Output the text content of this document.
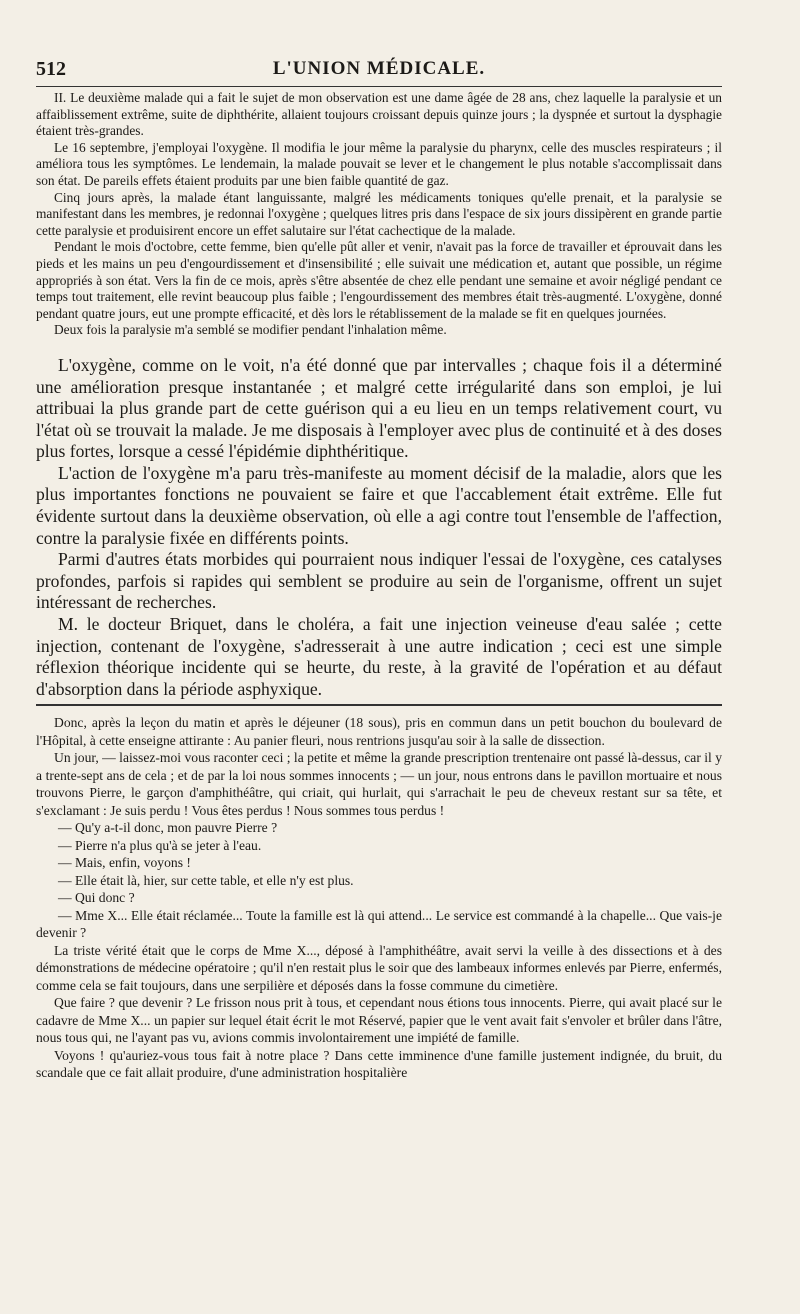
512	L'UNION MÉDICALE.

II. Le deuxième malade qui a fait le sujet de mon observation est une dame âgée de 28 ans, chez laquelle la paralysie et un affaiblissement extrême, suite de diphthérite, allaient toujours croissant depuis quinze jours ; la dyspnée et surtout la dysphagie étaient très-grandes.

Le 16 septembre, j'employai l'oxygène. Il modifia le jour même la paralysie du pharynx, celle des muscles respirateurs ; il améliora tous les symptômes. Le lendemain, la malade pouvait se lever et le changement le plus notable s'accomplissait dans son état. De pareils effets étaient produits par une bien faible quantité de gaz.

Cinq jours après, la malade étant languissante, malgré les médicaments toniques qu'elle prenait, et la paralysie se manifestant dans les membres, je redonnai l'oxygène ; quelques litres pris dans l'espace de six jours dissipèrent en grande partie cette paralysie et produisirent encore un effet salutaire sur l'état cachectique de la malade.

Pendant le mois d'octobre, cette femme, bien qu'elle pût aller et venir, n'avait pas la force de travailler et éprouvait dans les pieds et les mains un peu d'engourdissement et d'insensibilité ; elle suivait une médication et, autant que possible, un régime appropriés à son état. Vers la fin de ce mois, après s'être absentée de chez elle pendant une semaine et avoir négligé pendant ce temps tout traitement, elle revint beaucoup plus faible ; l'engourdissement des membres était très-augmenté. L'oxygène, donné pendant quatre jours, eut une prompte efficacité, et dès lors le rétablissement de la malade se fit en quelques journées.

Deux fois la paralysie m'a semblé se modifier pendant l'inhalation même.

L'oxygène, comme on le voit, n'a été donné que par intervalles ; chaque fois il a déterminé une amélioration presque instantanée ; et malgré cette irrégularité dans son emploi, je lui attribuai la plus grande part de cette guérison qui a eu lieu en un temps relativement court, vu l'état où se trouvait la malade. Je me disposais à l'employer avec plus de continuité et à des doses plus fortes, lorsque a cessé l'épidémie diphthéritique.

L'action de l'oxygène m'a paru très-manifeste au moment décisif de la maladie, alors que les plus importantes fonctions ne pouvaient se faire et que l'accablement était extrême. Elle fut évidente surtout dans la deuxième observation, où elle a agi contre tout l'ensemble de l'affection, contre la paralysie fixée en différents points.

Parmi d'autres états morbides qui pourraient nous indiquer l'essai de l'oxygène, ces catalyses profondes, parfois si rapides qui semblent se produire au sein de l'organisme, offrent un sujet intéressant de recherches.

M. le docteur Briquet, dans le choléra, a fait une injection veineuse d'eau salée ; cette injection, contenant de l'oxygène, s'adresserait à une autre indication ; ceci est une simple réflexion théorique incidente qui se heurte, du reste, à la gravité de l'opération et au défaut d'absorption dans la période asphyxique.

Donc, après la leçon du matin et après le déjeuner (18 sous), pris en commun dans un petit bouchon du boulevard de l'Hôpital, à cette enseigne attirante : Au panier fleuri, nous rentrions jusqu'au soir à la salle de dissection.

Un jour, — laissez-moi vous raconter ceci ; la petite et même la grande prescription trentenaire ont passé là-dessus, car il y a trente-sept ans de cela ; et de par la loi nous sommes innocents ; — un jour, nous entrons dans le pavillon mortuaire et nous trouvons Pierre, le garçon d'amphithéâtre, qui criait, qui hurlait, qui s'arrachait le peu de cheveux restant sur sa tête, et s'exclamant : Je suis perdu ! Vous êtes perdus ! Nous sommes tous perdus !

— Qu'y a-t-il donc, mon pauvre Pierre ?

— Pierre n'a plus qu'à se jeter à l'eau.

— Mais, enfin, voyons !

— Elle était là, hier, sur cette table, et elle n'y est plus.

— Qui donc ?

— Mme X... Elle était réclamée... Toute la famille est là qui attend... Le service est commandé à la chapelle... Que vais-je devenir ?

La triste vérité était que le corps de Mme X..., déposé à l'amphithéâtre, avait servi la veille à des dissections et à des démonstrations de médecine opératoire ; qu'il n'en restait plus le soir que des lambeaux informes enlevés par Pierre, enfermés, comme cela se fait toujours, dans une serpilière et déposés dans la fosse commune du cimetière.

Que faire ? que devenir ? Le frisson nous prit à tous, et cependant nous étions tous innocents. Pierre, qui avait placé sur le cadavre de Mme X... un papier sur lequel était écrit le mot Réservé, papier que le vent avait fait s'envoler et brûler dans l'âtre, nous tous qui, ne l'ayant pas vu, avions commis involontairement une impiété de famille.

Voyons ! qu'auriez-vous tous fait à notre place ? Dans cette imminence d'une famille justement indignée, du bruit, du scandale que ce fait allait produire, d'une administration hospitalière
